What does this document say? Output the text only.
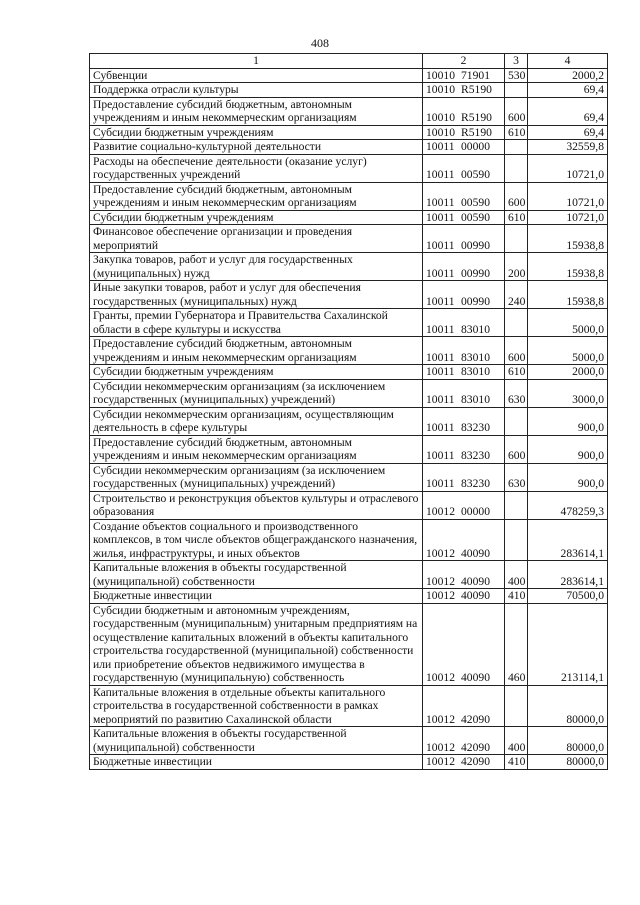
408
1	2	3	4
Субвенции	10010 71901	530	2000,2
Поддержка отрасли культуры	10010 R5190		69,4
Предоставление субсидий бюджетным, автономным учреждениям и иным некоммерческим организациям	10010 R5190	600	69,4
Субсидии бюджетным учреждениям	10010 R5190	610	69,4
Развитие социально-культурной деятельности	10011 00000		32559,8
Расходы на обеспечение деятельности (оказание услуг) государственных учреждений	10011 00590		10721,0
Предоставление субсидий бюджетным, автономным учреждениям и иным некоммерческим организациям	10011 00590	600	10721,0
Субсидии бюджетным учреждениям	10011 00590	610	10721,0
Финансовое обеспечение организации и проведения мероприятий	10011 00990		15938,8
Закупка товаров, работ и услуг для государственных (муниципальных) нужд	10011 00990	200	15938,8
Иные закупки товаров, работ и услуг для обеспечения государственных (муниципальных) нужд	10011 00990	240	15938,8
Гранты, премии Губернатора и Правительства Сахалинской области в сфере культуры и искусства	10011 83010		5000,0
Предоставление субсидий бюджетным, автономным учреждениям и иным некоммерческим организациям	10011 83010	600	5000,0
Субсидии бюджетным учреждениям	10011 83010	610	2000,0
Субсидии некоммерческим организациям (за исключением государственных (муниципальных) учреждений)	10011 83010	630	3000,0
Субсидии некоммерческим организациям, осуществляющим деятельность в сфере культуры	10011 83230		900,0
Предоставление субсидий бюджетным, автономным учреждениям и иным некоммерческим организациям	10011 83230	600	900,0
Субсидии некоммерческим организациям (за исключением государственных (муниципальных) учреждений)	10011 83230	630	900,0
Строительство и реконструкция объектов культуры и отраслевого образования	10012 00000		478259,3
Создание объектов социального и производственного комплексов, в том числе объектов общегражданского назначения, жилья, инфраструктуры, и иных объектов	10012 40090		283614,1
Капитальные вложения в объекты государственной (муниципальной) собственности	10012 40090	400	283614,1
Бюджетные инвестиции	10012 40090	410	70500,0
Субсидии бюджетным и автономным учреждениям, государственным (муниципальным) унитарным предприятиям на осуществление капитальных вложений в объекты капитального строительства государственной (муниципальной) собственности или приобретение объектов недвижимого имущества в государственную (муниципальную) собственность	10012 40090	460	213114,1
Капитальные вложения в отдельные объекты капитального строительства в государственной собственности в рамках мероприятий по развитию Сахалинской области	10012 42090		80000,0
Капитальные вложения в объекты государственной (муниципальной) собственности	10012 42090	400	80000,0
Бюджетные инвестиции	10012 42090	410	80000,0
